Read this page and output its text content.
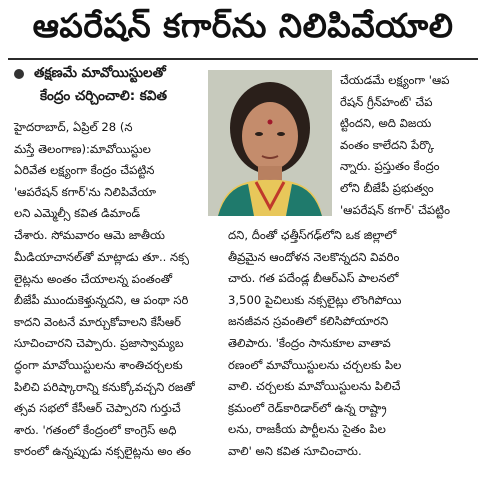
ఆపరేషన్ కగార్‌ను నిలిపివేయాలి
తక్షణమే మావోయిస్టులతో
కేంద్రం చర్చించాలి: కవిత

హైదరాబాద్, ఏప్రిల్ 28 (న

మస్తే తెలంగాణ):మావోయిస్టుల

ఏరివేత లక్ష్యంగా కేంద్రం చేపట్టిన

'ఆపరేషన్ కగార్'ను నిలిపివేయా

లని ఎమ్మెల్సీ కవిత డిమాండ్

చేశారు. సోమవారం ఆమె జాతీయ

మీడియాచానల్‌తో మాట్లాడు తూ.. నక్స

లైట్లను అంతం చేయాలన్న పంతంతో

బీజేపీ ముందుకెళ్తున్నదని, ఆ పంథా సరి

కాదని వెంటనే మార్చుకోవాలని కేసీఆర్

సూచించారని చెప్పారు. ప్రజాస్వామ్యబ

ద్ధంగా మావోయిస్టులను శాంతిచర్చలకు

పిలిచి పరిష్కారాన్ని కనుక్కోవచ్చని రజతో

త్సవ సభలో కేసీఆర్ చెప్పారని గుర్తుచే

శారు. 'గతంలో కేంద్రంలో కాంగ్రెస్ అధి

కారంలో ఉన్నప్పుడు నక్సలైట్లను అం తం

చేయడమే లక్ష్యంగా 'ఆప

రేషన్ గ్రీన్‌హంట్' చేప

ట్టిందని, అది విజయ

వంతం కాలేదని పేర్కొ

న్నారు. ప్రస్తుతం కేంద్రం

లోని బీజేపీ ప్రభుత్వం

'ఆపరేషన్ కగార్' చేపట్టిం

దని, దీంతో ఛత్తీస్‌గఢ్‌లోని ఒక జిల్లాలో

తీవ్రమైన ఆందోళన నెలకొన్నదని వివరిం

చారు. గత పదేండ్ల బీఆర్‌ఎస్ పాలనలో

3,500 పైచిలుకు నక్సలైట్లు లొంగిపోయి

జనజీవన స్రవంతిలో కలిసిపోయారని

తెలిపారు. 'కేంద్రం సానుకూల వాతావ

రణంలో మావోయిస్టులను చర్చలకు పిల

వాలి. చర్చలకు మావోయిస్టులను పిలిచే

క్రమంలో రెడ్‌కారిడార్‌లో ఉన్న రాష్ట్రా

లను, రాజకీయ పార్టీలను సైతం పిల

వాలి' అని కవిత సూచించారు.
